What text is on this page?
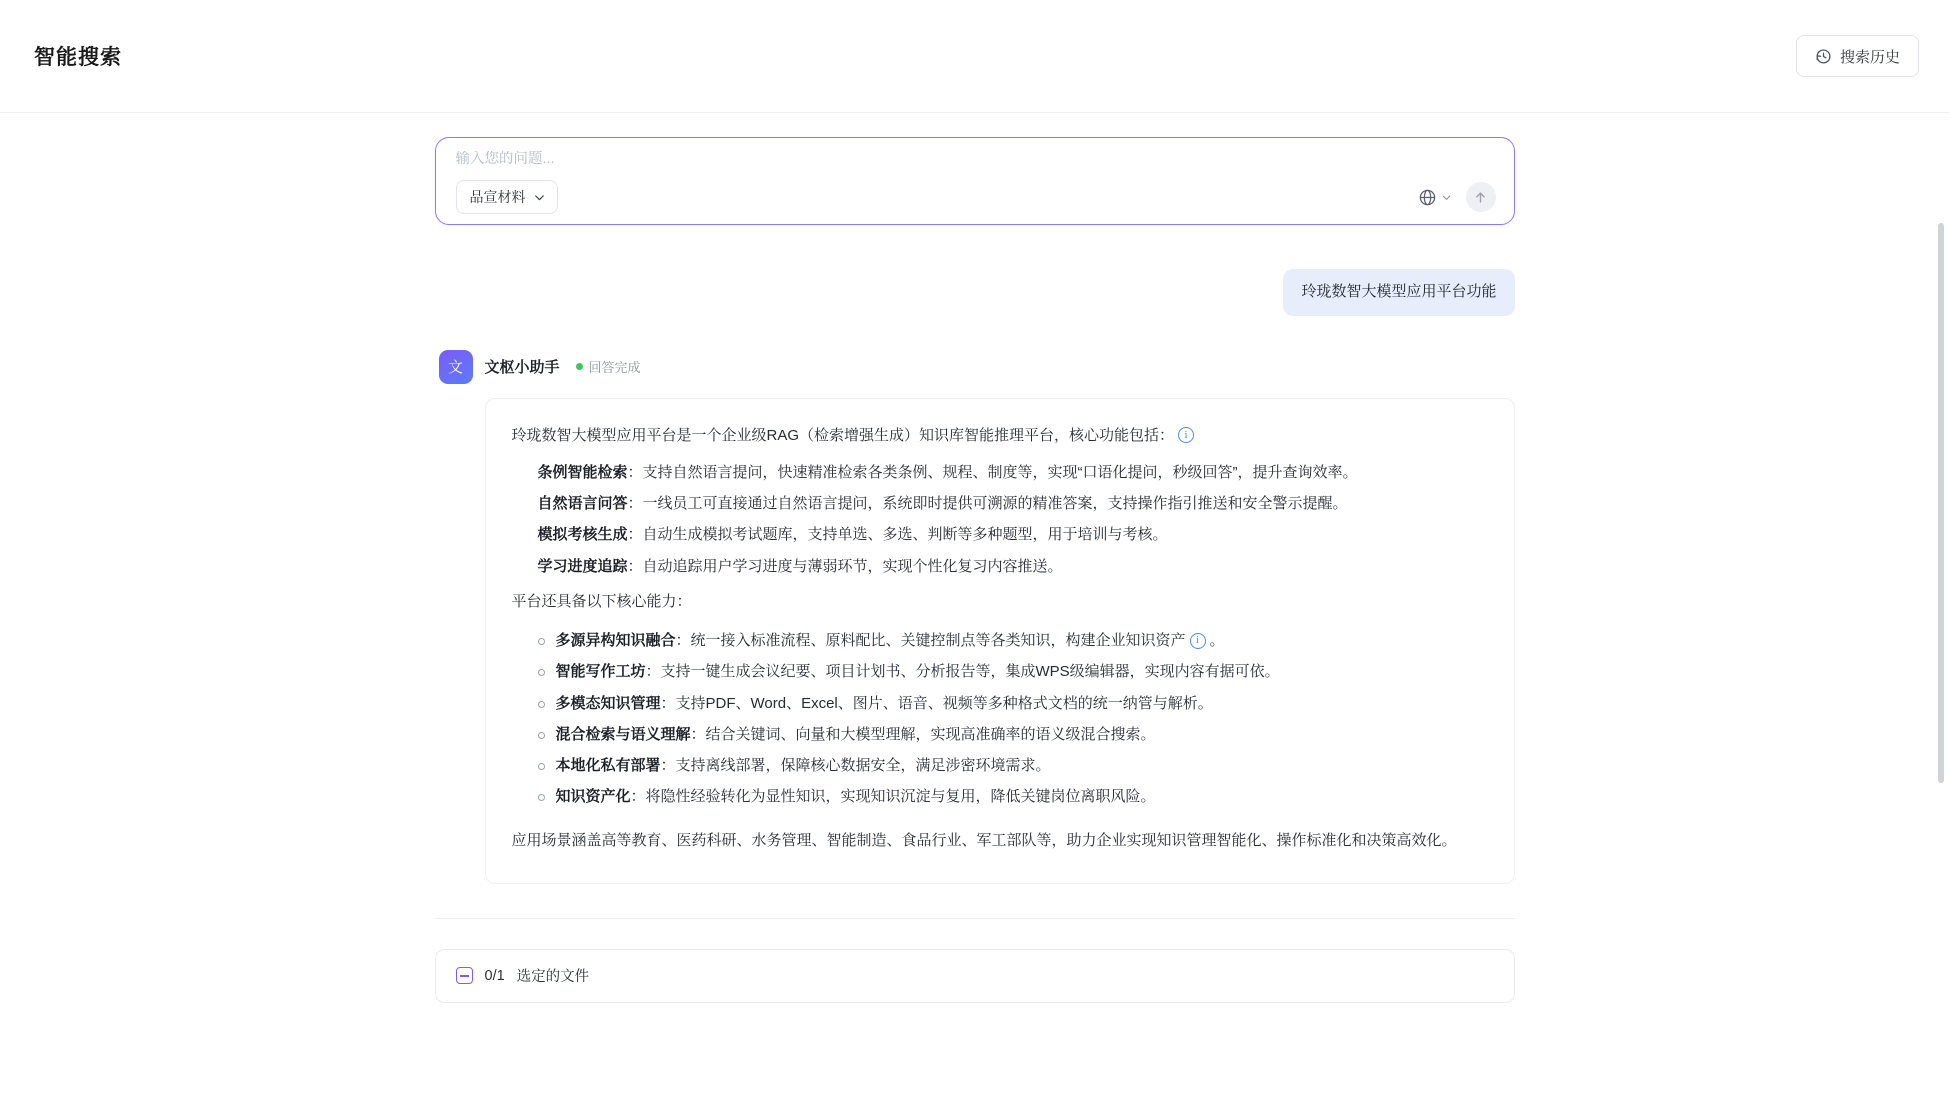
智能搜索	搜索历史
输入您的问题...
品宣材料
玲珑数智大模型应用平台功能
文	文枢小助手 回答完成

玲珑数智大模型应用平台是一个企业级RAG（检索增强生成）知识库智能推理平台，核心功能包括： i

条例智能检索：支持自然语言提问，快速精准检索各类条例、规程、制度等，实现“口语化提问，秒级回答”，提升查询效率。
自然语言问答：一线员工可直接通过自然语言提问，系统即时提供可溯源的精准答案，支持操作指引推送和安全警示提醒。
模拟考核生成：自动生成模拟考试题库，支持单选、多选、判断等多种题型，用于培训与考核。
学习进度追踪：自动追踪用户学习进度与薄弱环节，实现个性化复习内容推送。

平台还具备以下核心能力：

多源异构知识融合：统一接入标准流程、原料配比、关键控制点等各类知识，构建企业知识资产 i 。
智能写作工坊：支持一键生成会议纪要、项目计划书、分析报告等，集成WPS级编辑器，实现内容有据可依。
多模态知识管理：支持PDF、Word、Excel、图片、语音、视频等多种格式文档的统一纳管与解析。
混合检索与语义理解：结合关键词、向量和大模型理解，实现高准确率的语义级混合搜索。
本地化私有部署：支持离线部署，保障核心数据安全，满足涉密环境需求。
知识资产化：将隐性经验转化为显性知识，实现知识沉淀与复用，降低关键岗位离职风险。

应用场景涵盖高等教育、医药科研、水务管理、智能制造、食品行业、军工部队等，助力企业实现知识管理智能化、操作标准化和决策高效化。

0/1 选定的文件
